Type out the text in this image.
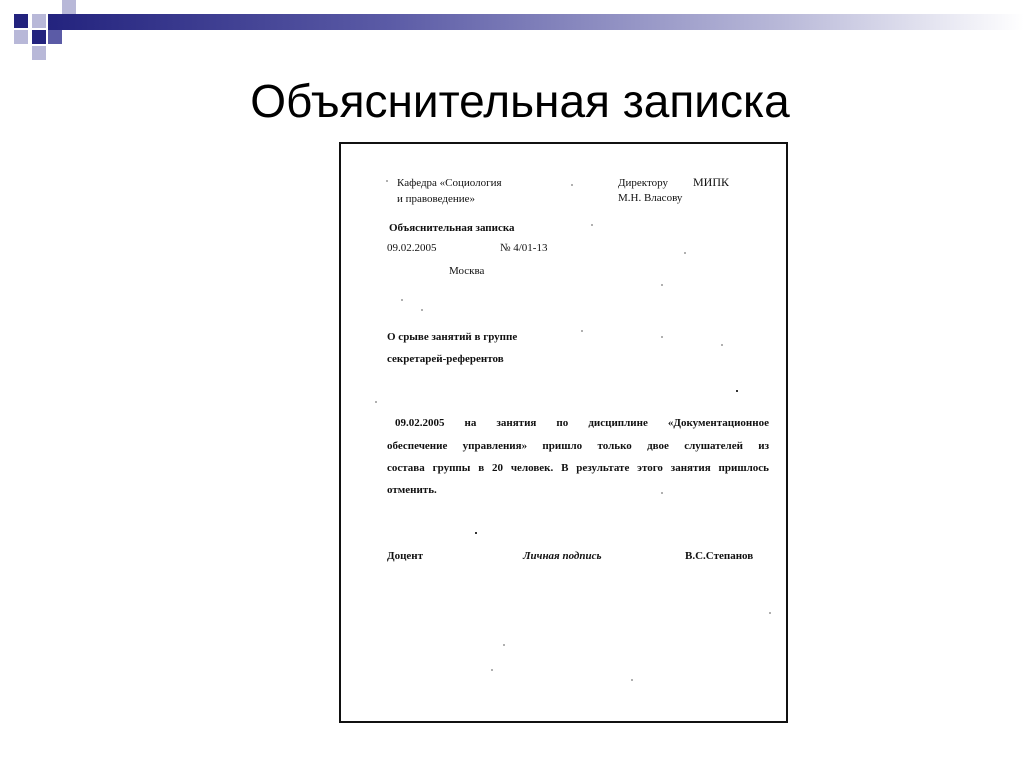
Объяснительная записка
Кафедра «Социология
и правоведение»
Директору МИПК
М.Н. Власову
Объяснительная записка
09.02.2005	№ 4/01-13
Москва
О срыве занятий в группе
секретарей-референтов
09.02.2005 на занятия по дисциплине «Документационное
обеспечение управления» пришло только двое слушателей из
состава группы в 20 человек. В результате этого занятия пришлось
отменить.
Доцент	Личная подпись	В.С.Степанов
